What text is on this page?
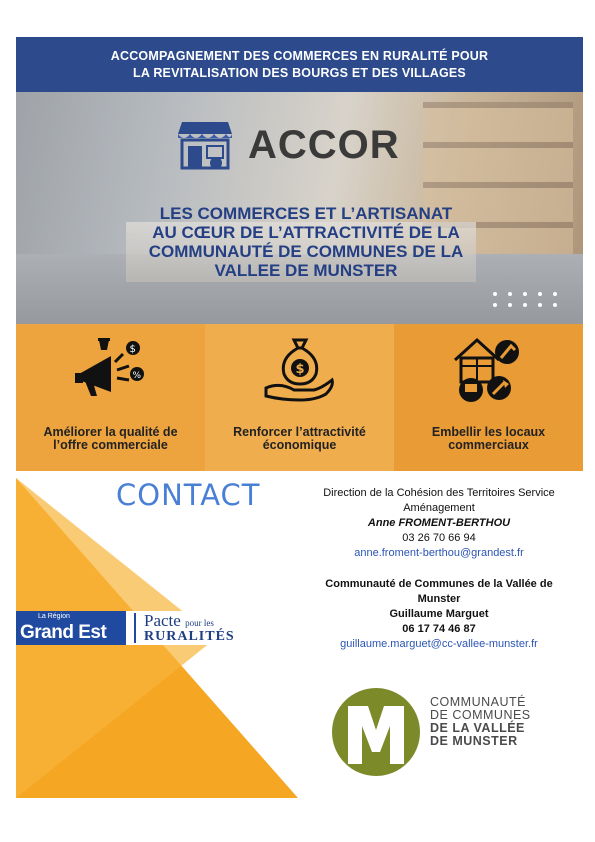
ACCOMPAGNEMENT DES COMMERCES EN RURALITÉ POUR
LA REVITALISATION DES BOURGS ET DES VILLAGES
ACCOR
LES COMMERCES ET L’ARTISANAT
AU CŒUR DE L’ATTRACTIVITÉ DE LA
COMMUNAUTÉ DE COMMUNES DE LA
VALLEE DE MUNSTER
$
%
Améliorer la qualité de
l’offre commerciale
$
Renforcer l’attractivité
économique
Embellir les locaux
commerciaux
CONTACT
La Région
Grand Est
Pacte pour les
RURALITÉS
Direction de la Cohésion des Territoires Service
Aménagement
Anne FROMENT-BERTHOU
03 26 70 66 94
anne.froment-berthou@grandest.fr
Communauté de Communes de la Vallée de
Munster
Guillaume Marguet
06 17 74 46 87
guillaume.marguet@cc-vallee-munster.fr
COMMUNAUTÉ
DE COMMUNES
DE LA VALLÉE
DE MUNSTER
